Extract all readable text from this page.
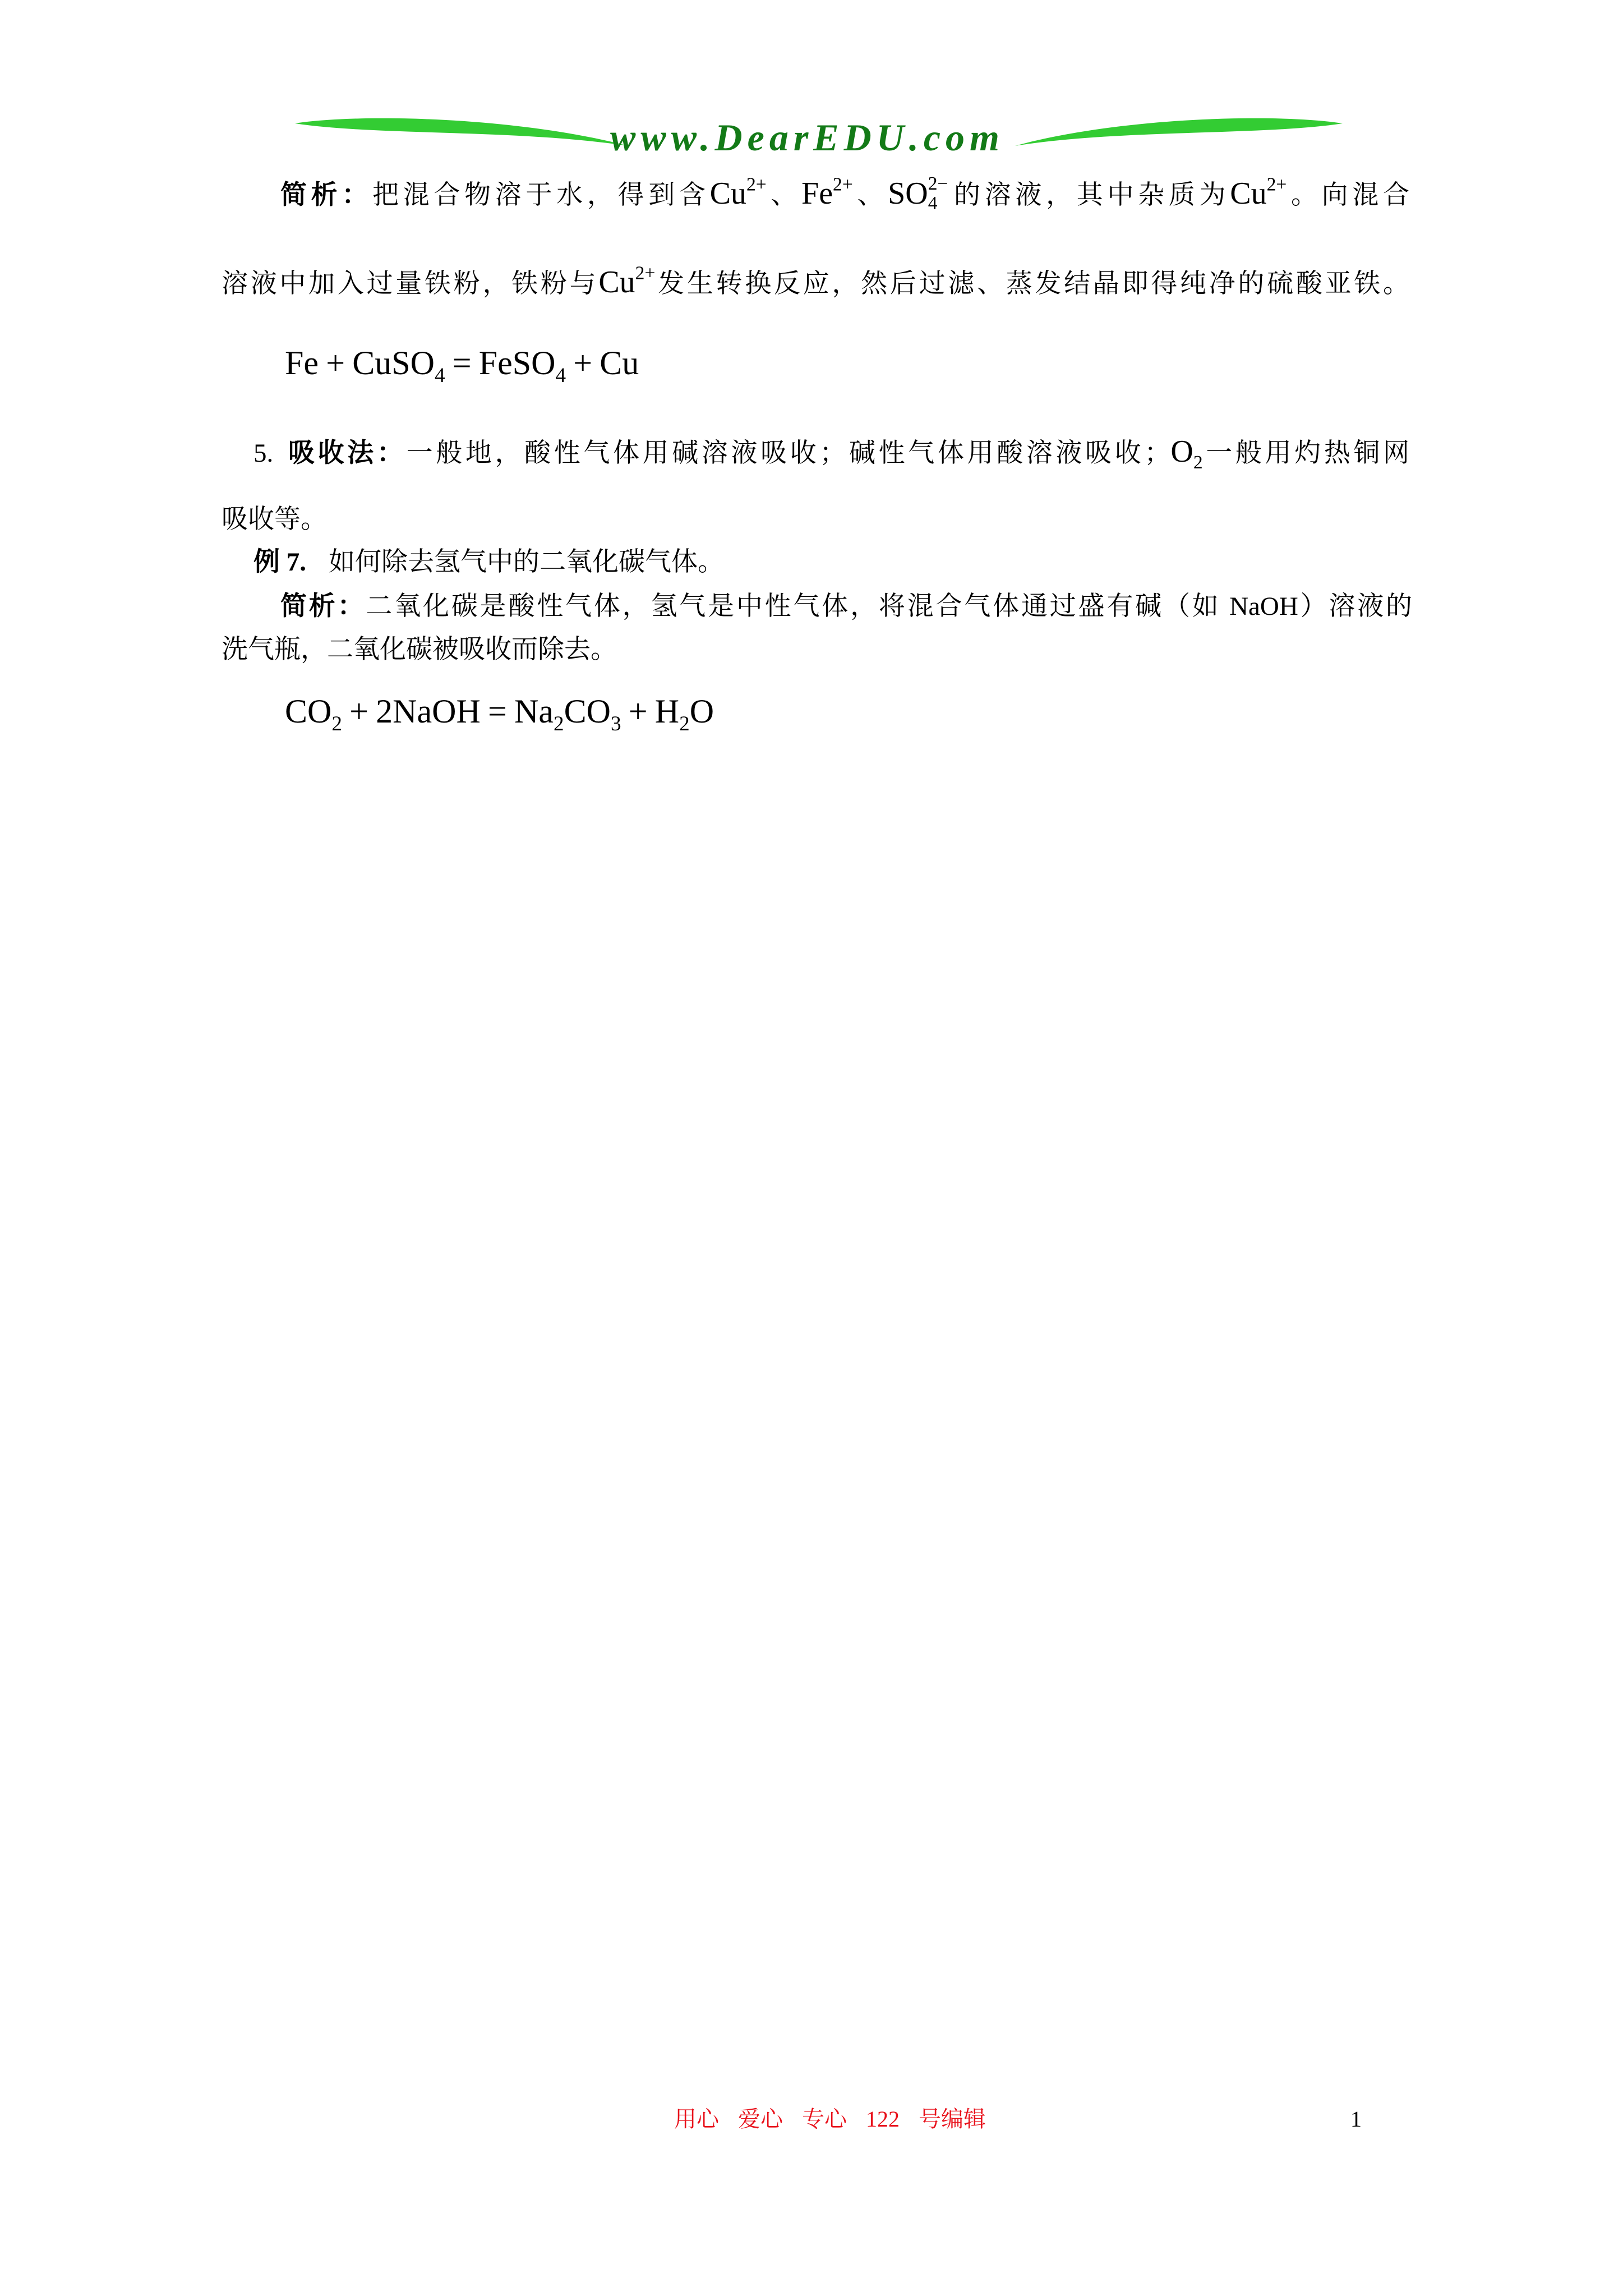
www.DearEDU.com
简析：把混合物溶于水，得到含$Cu^{2+}$、$Fe^{2+}$、SO 2−
4 的溶液，其中杂质为$Cu^{2+}$。向混合
溶液中加入过量铁粉，铁粉与$Cu^{2+}$发生转换反应，然后过滤、蒸发结晶即得纯净的硫酸亚铁。
Fe + CuSO$_4$ = FeSO$_4$ + Cu
5. 吸收法：一般地，酸性气体用碱溶液吸收；碱性气体用酸溶液吸收；$O_2$一般用灼热铜网
吸收等。
例 7. 如何除去氢气中的二氧化碳气体。
简析：二氧化碳是酸性气体，氢气是中性气体，将混合气体通过盛有碱（如 NaOH）溶液的
洗气瓶，二氧化碳被吸收而除去。
$CO_2$ + 2NaOH = $Na_2CO_3 + H_2O$
用心 爱心 专心 122 号编辑	1
